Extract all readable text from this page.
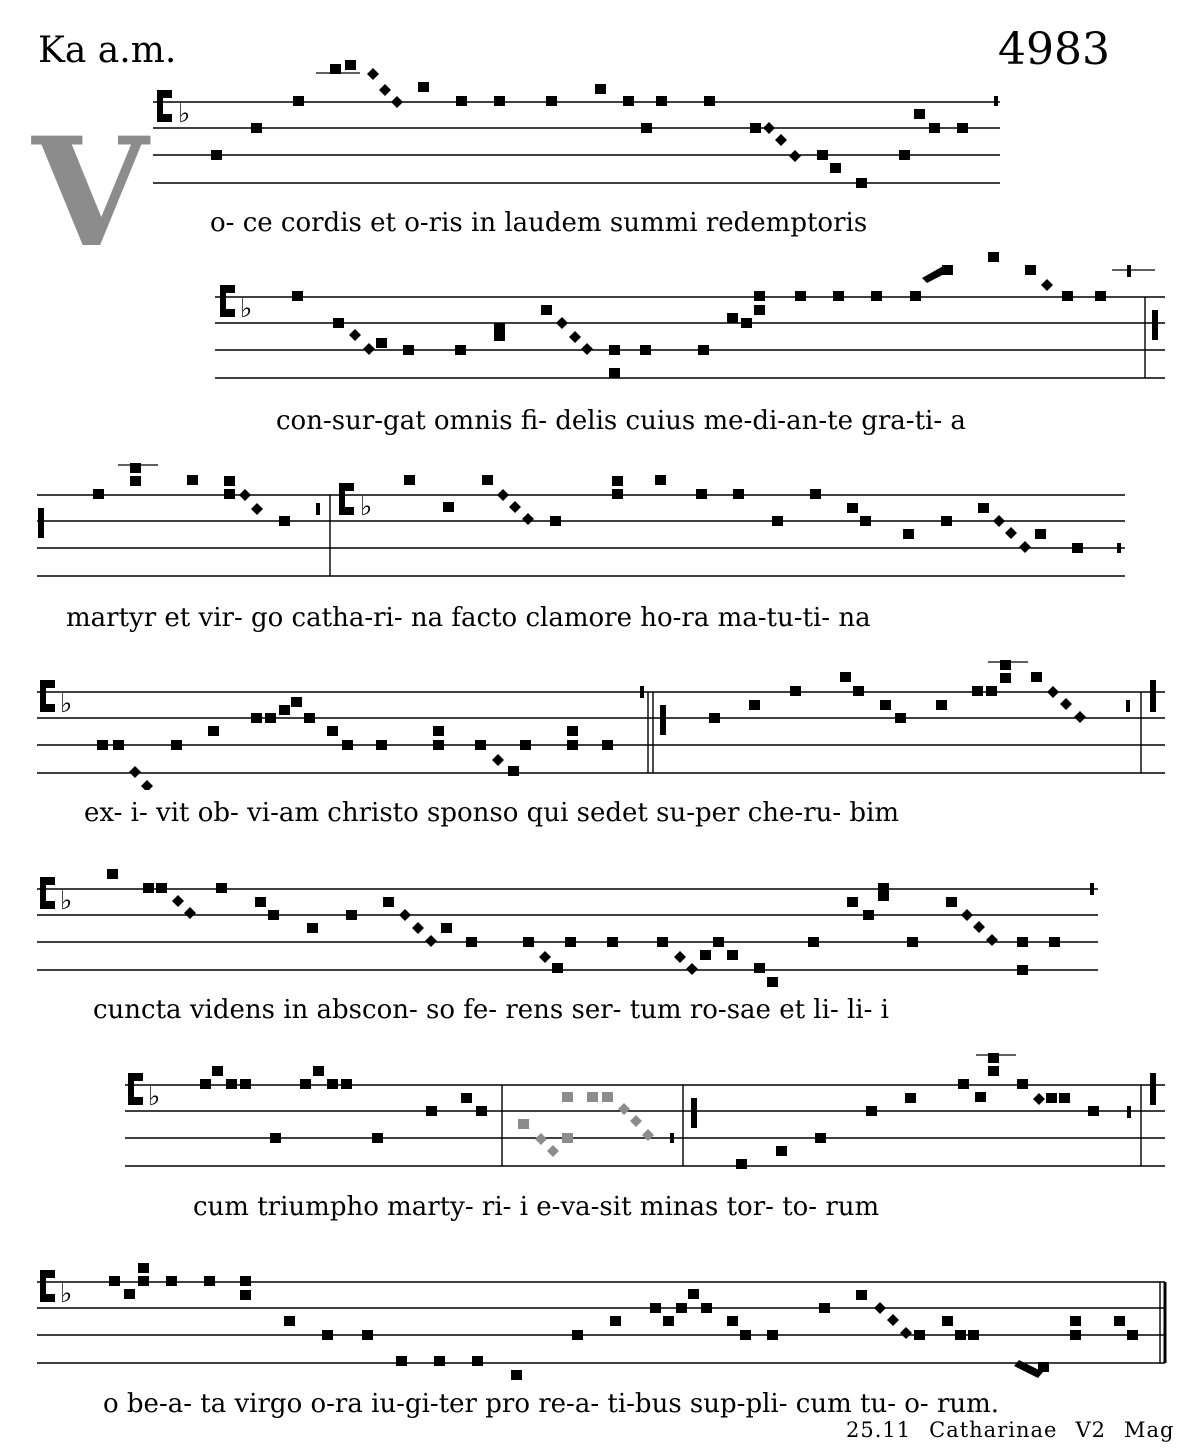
Ka a.m.	4983
V ♭
o- ce cordis et o-ris in laudem summi redemptoris
♭
con-sur-gat omnis fi- delis cuius me-di-an-te gra-ti- a
♭
martyr et vir- go catha-ri- na facto clamore ho-ra ma-tu-ti- na
♭
ex- i- vit ob- vi-am christo sponso qui sedet su-per che-ru- bim
♭
cuncta videns in abscon- so fe- rens ser- tum ro-sae et li- li- i
♭
cum triumpho marty- ri- i e-va-sit minas tor- to- rum
♭
o be-a- ta virgo o-ra iu-gi-ter pro re-a- ti-bus sup-pli- cum tu- o- rum.
25.11 Catharinae V2 Mag
